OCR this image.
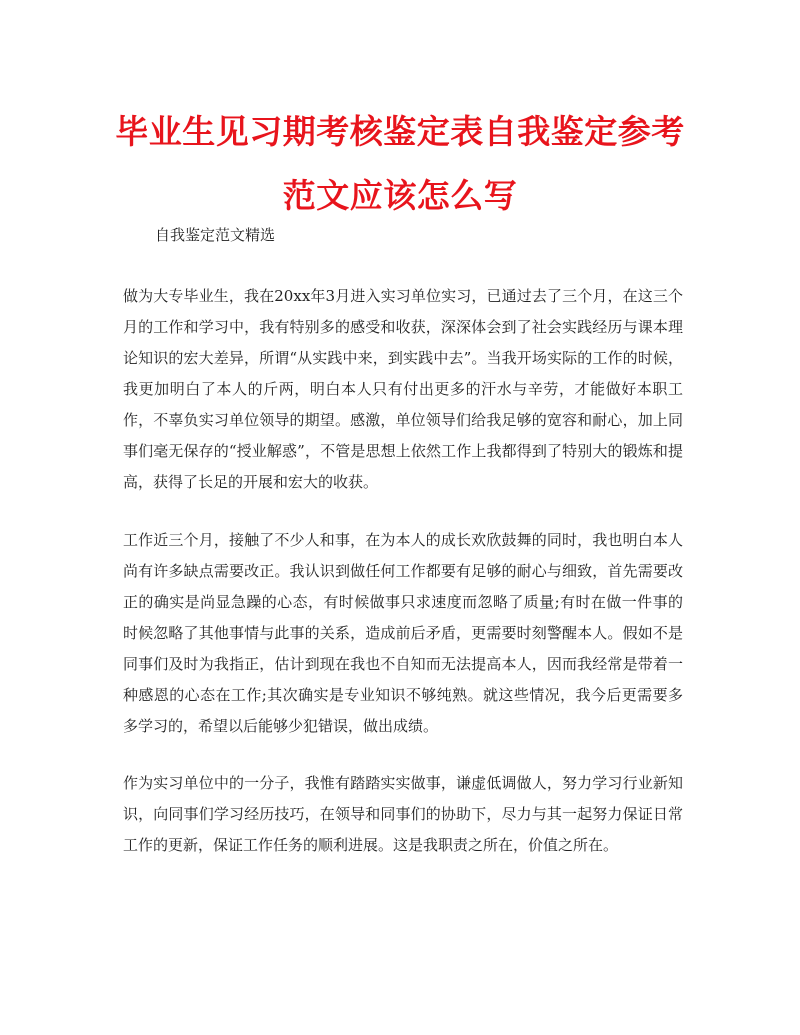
毕业生见习期考核鉴定表自我鉴定参考范文应该怎么写

自我鉴定范文精选

做为大专毕业生，我在20xx年3月进入实习单位实习，已通过去了三个月，在这三个月的工作和学习中，我有特别多的感受和收获，深深体会到了社会实践经历与课本理论知识的宏大差异，所谓“从实践中来，到实践中去”。当我开场实际的工作的时候，我更加明白了本人的斤两，明白本人只有付出更多的汗水与辛劳，才能做好本职工作，不辜负实习单位领导的期望。感激，单位领导们给我足够的宽容和耐心，加上同事们毫无保存的“授业解惑”，不管是思想上依然工作上我都得到了特别大的锻炼和提高，获得了长足的开展和宏大的收获。

工作近三个月，接触了不少人和事，在为本人的成长欢欣鼓舞的同时，我也明白本人尚有许多缺点需要改正。我认识到做任何工作都要有足够的耐心与细致，首先需要改正的确实是尚显急躁的心态，有时候做事只求速度而忽略了质量;有时在做一件事的时候忽略了其他事情与此事的关系，造成前后矛盾，更需要时刻警醒本人。假如不是同事们及时为我指正，估计到现在我也不自知而无法提高本人，因而我经常是带着一种感恩的心态在工作;其次确实是专业知识不够纯熟。就这些情况，我今后更需要多多学习的，希望以后能够少犯错误，做出成绩。

作为实习单位中的一分子，我惟有踏踏实实做事，谦虚低调做人，努力学习行业新知识，向同事们学习经历技巧，在领导和同事们的协助下，尽力与其一起努力保证日常工作的更新，保证工作任务的顺利进展。这是我职责之所在，价值之所在。
